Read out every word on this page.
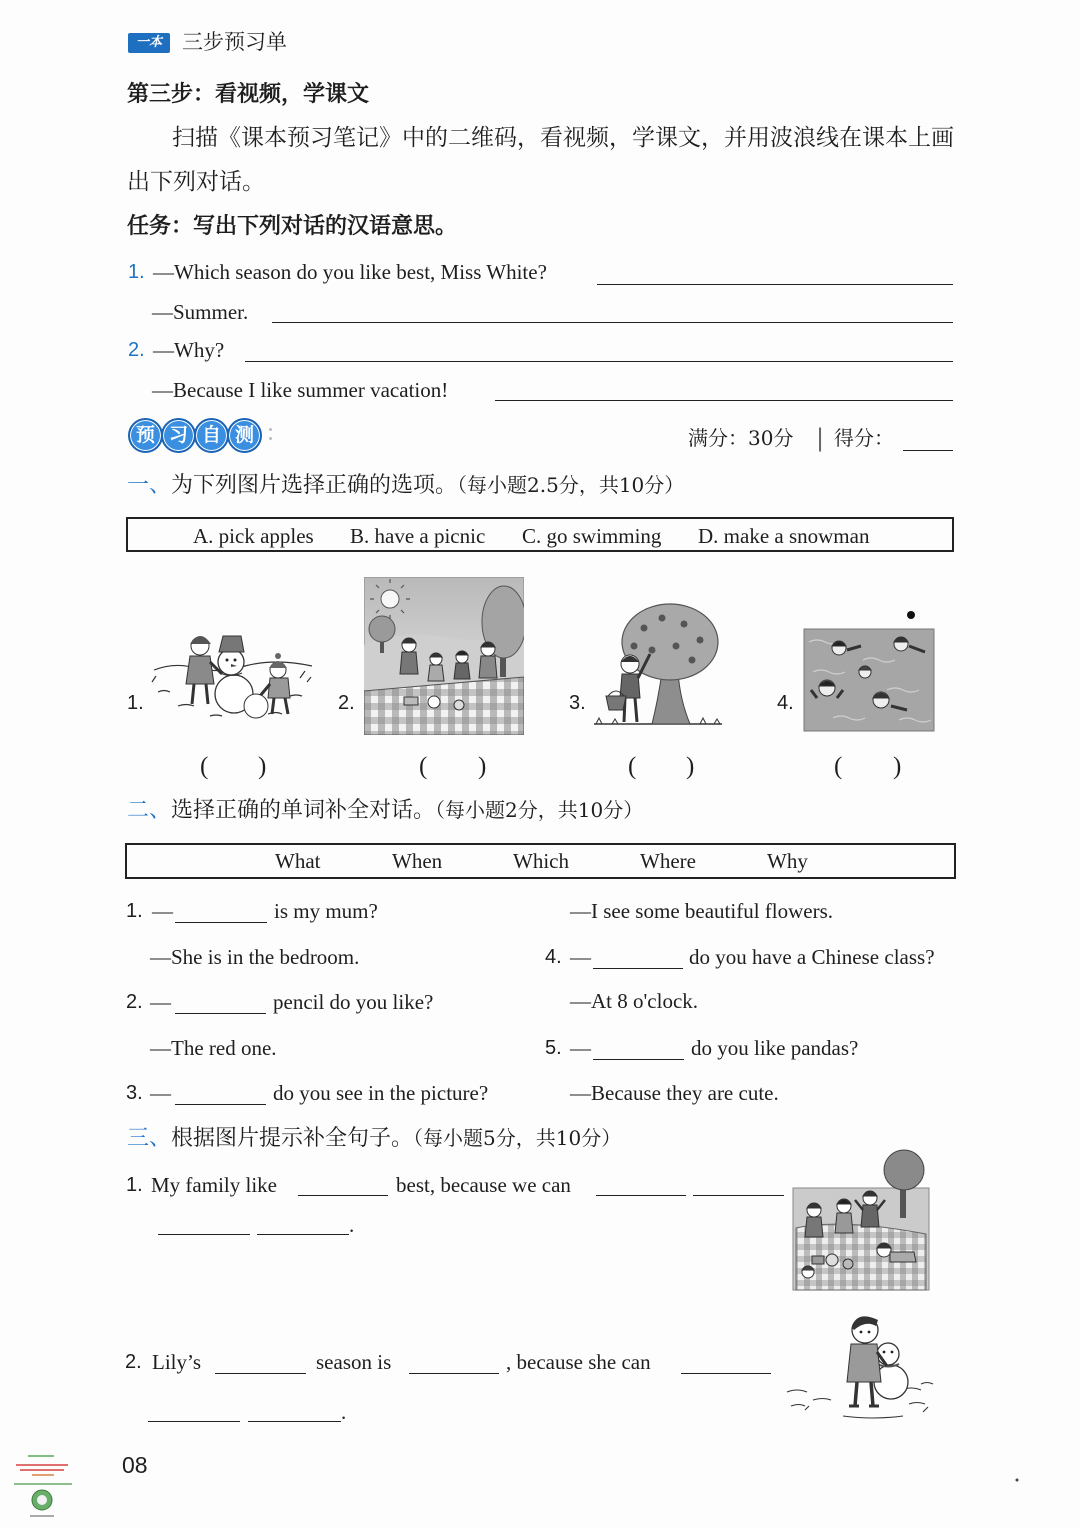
一本 三步预习单
第三步：看视频，学课文
扫描《课本预习笔记》中的二维码，看视频，学课文，并用波浪线在课本上画
出下列对话。
任务：写出下列对话的汉语意思。
1. —Which season do you like best, Miss White?
—Summer.
2. —Why?
—Because I like summer vacation!
预 习 自 测	满分：30分 | 得分：
一、为下列图片选择正确的选项。（每小题2.5分，共10分）
A. pick apples B. have a picnic C. go swimming D. make a snowman
1.	2.	3.	4.
( )	( )	( )	( )
二、选择正确的单词补全对话。（每小题2分，共10分）
What	When	Which	Where	Why
1. —	is my mum?
—She is in the bedroom.
2. —	pencil do you like?
—The red one.
3. —	do you see in the picture?
—I see some beautiful flowers.
4. —	do you have a Chinese class?
—At 8 o'clock.
5. —	do you like pandas?
—Because they are cute.
三、根据图片提示补全句子。（每小题5分，共10分）
1. My family like	best, because we can
.
2. Lily’s	season is	, because she can
.
08
